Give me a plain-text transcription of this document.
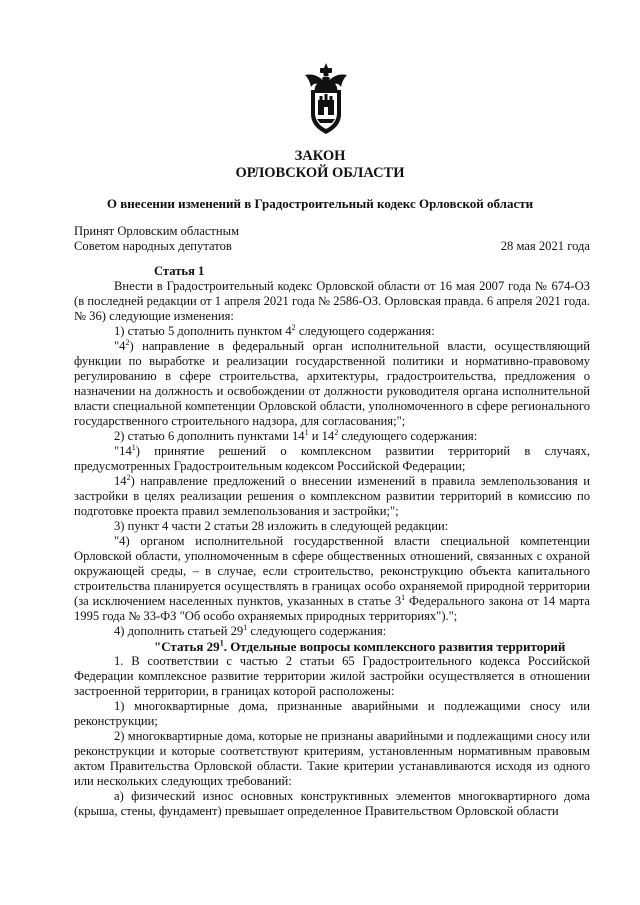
ЗАКОН
ОРЛОВСКОЙ ОБЛАСТИ
О внесении изменений в Градостроительный кодекс Орловской области
Принят Орловским областным
Советом народных депутатов	28 мая 2021 года

Статья 1

Внести в Градостроительный кодекс Орловской области от 16 мая 2007 года № 674-ОЗ (в последней редакции от 1 апреля 2021 года № 2586-ОЗ. Орловская правда. 6 апреля 2021 года. № 36) следующие изменения:

1) статью 5 дополнить пунктом $4^2$ следующего содержания:

"$4^2$) направление в федеральный орган исполнительной власти, осуществляющий функции по выработке и реализации государственной политики и нормативно-правовому регулированию в сфере строительства, архитектуры, градостроительства, предложения о назначении на должность и освобождении от должности руководителя органа исполнительной власти специальной компетенции Орловской области, уполномоченного в сфере регионального государственного строительного надзора, для согласования;";

2) статью 6 дополнить пунктами $14^1$ и $14^2$ следующего содержания:

"$14^1$) принятие решений о комплексном развитии территорий в случаях, предусмотренных Градостроительным кодексом Российской Федерации;

$14^2$) направление предложений о внесении изменений в правила землепользования и застройки в целях реализации решения о комплексном развитии территорий в комиссию по подготовке проекта правил землепользования и застройки;";

3) пункт 4 части 2 статьи 28 изложить в следующей редакции:

"4) органом исполнительной государственной власти специальной компетенции Орловской области, уполномоченным в сфере общественных отношений, связанных с охраной окружающей среды, – в случае, если строительство, реконструкцию объекта капитального строительства планируется осуществлять в границах особо охраняемой природной территории (за исключением населенных пунктов, указанных в статье $3^1$ Федерального закона от 14 марта 1995 года № 33-ФЗ "Об особо охраняемых природных территориях").";

4) дополнить статьей $29^1$ следующего содержания:

"Статья $29^1$. Отдельные вопросы комплексного развития территорий

1. В соответствии с частью 2 статьи 65 Градостроительного кодекса Российской Федерации комплексное развитие территории жилой застройки осуществляется в отношении застроенной территории, в границах которой расположены:

1) многоквартирные дома, признанные аварийными и подлежащими сносу или реконструкции;

2) многоквартирные дома, которые не признаны аварийными и подлежащими сносу или реконструкции и которые соответствуют критериям, установленным нормативным правовым актом Правительства Орловской области. Такие критерии устанавливаются исходя из одного или нескольких следующих требований:

а) физический износ основных конструктивных элементов многоквартирного дома (крыша, стены, фундамент) превышает определенное Правительством Орловской области
